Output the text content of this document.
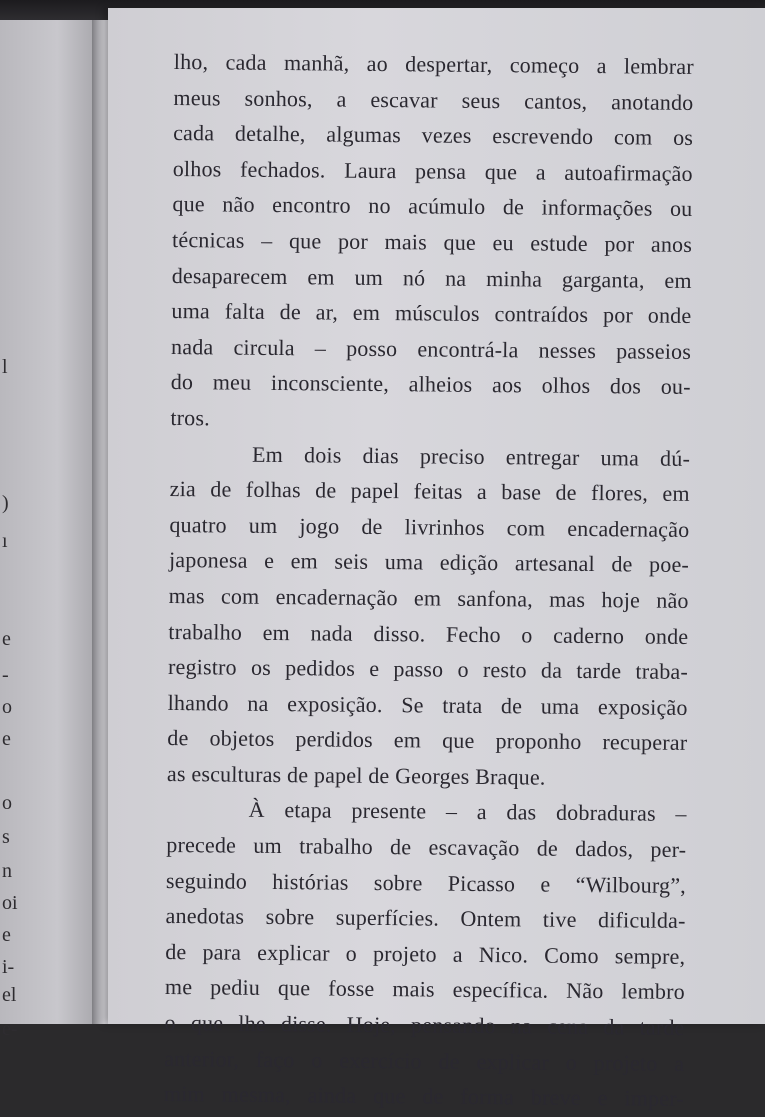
l
)
ı
e
-
o
e
o
s
n
oi
e
i-
el
e-
lho, cada manhã, ao despertar, começo a lembrar
meus sonhos, a escavar seus cantos, anotando
cada detalhe, algumas vezes escrevendo com os
olhos fechados. Laura pensa que a autoafirmação
que não encontro no acúmulo de informações ou
técnicas – que por mais que eu estude por anos
desaparecem em um nó na minha garganta, em
uma falta de ar, em músculos contraídos por onde
nada circula – posso encontrá-la nesses passeios
do meu inconsciente, alheios aos olhos dos ou-
tros.
Em dois dias preciso entregar uma dú-
zia de folhas de papel feitas a base de flores, em
quatro um jogo de livrinhos com encadernação
japonesa e em seis uma edição artesanal de poe-
mas com encadernação em sanfona, mas hoje não
trabalho em nada disso. Fecho o caderno onde
registro os pedidos e passo o resto da tarde traba-
lhando na exposição. Se trata de uma exposição
de objetos perdidos em que proponho recuperar
as esculturas de papel de Georges Braque.
À etapa presente – a das dobraduras –
precede um trabalho de escavação de dados, per-
seguindo histórias sobre Picasso e “Wilbourg”,
anedotas sobre superfícies. Ontem tive dificulda-
de para explicar o projeto a Nico. Como sempre,
me pediu que fosse mais específica. Não lembro
o que lhe disse. Hoje, pensando na cena da tarde
anterior, faço o exercício de explicar o projeto a
mim mesma, ainda que de forma breve e imper-
